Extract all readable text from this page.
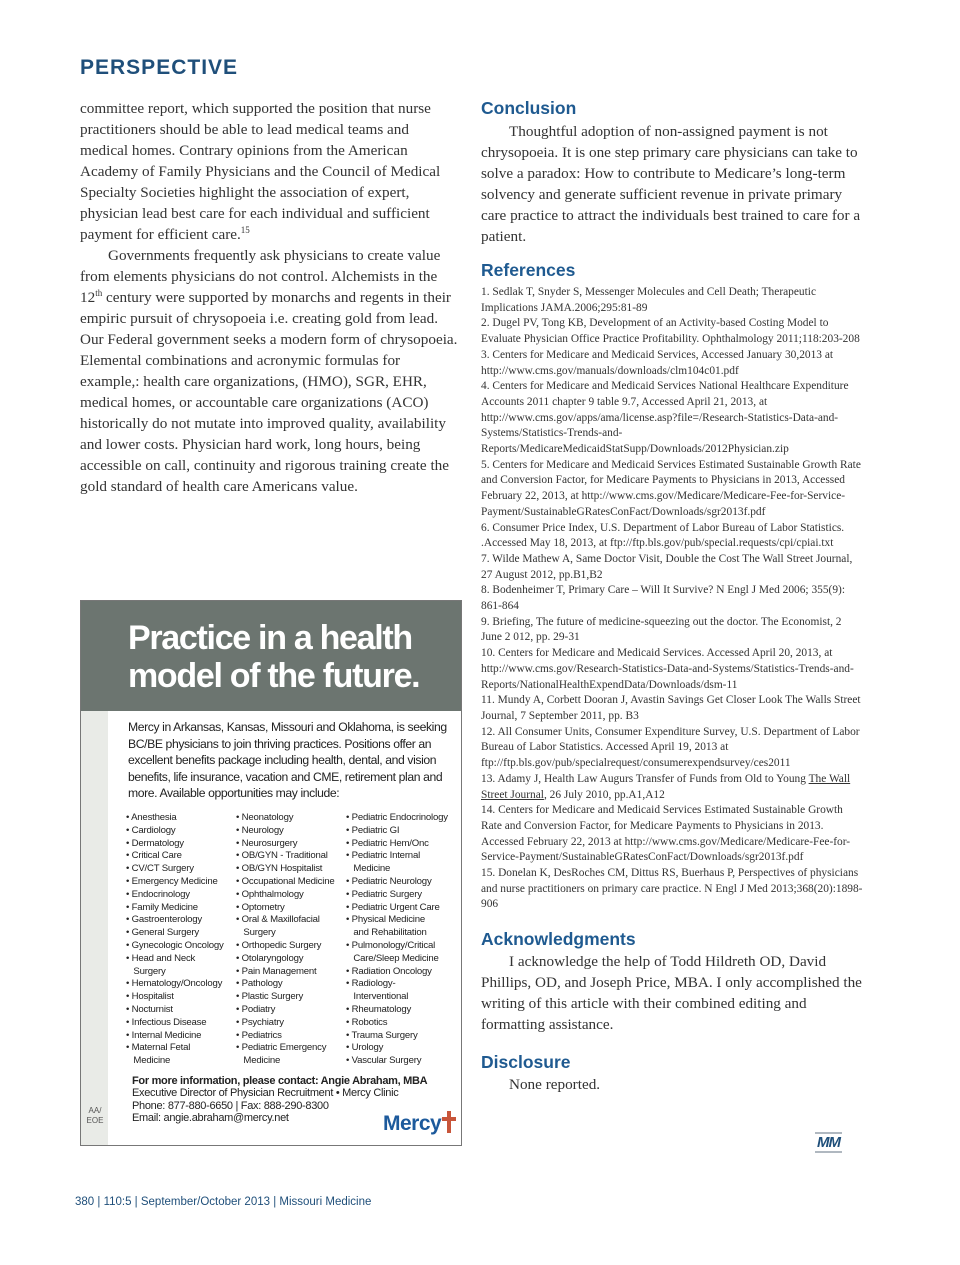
PERSPECTIVE

committee report, which supported the position that nurse practitioners should be able to lead medical teams and medical homes. Contrary opinions from the American Academy of Family Physicians and the Council of Medical Specialty Societies highlight the association of expert, physician lead best care for each individual and sufficient payment for efficient care.$^{15}$

Governments frequently ask physicians to create value from elements physicians do not control. Alchemists in the 12th century were supported by monarchs and regents in their empiric pursuit of chrysopoeia i.e. creating gold from lead. Our Federal government seeks a modern form of chrysopoeia. Elemental combinations and acronymic formulas for example,: health care organizations, (HMO), SGR, EHR, medical homes, or accountable care organizations (ACO) historically do not mutate into improved quality, availability and lower costs. Physician hard work, long hours, being accessible on call, continuity and rigorous training create the gold standard of health care Americans value.

Practice in a health model of the future.
Mercy in Arkansas, Kansas, Missouri and Oklahoma, is seeking BC/BE physicians to join thriving practices. Positions offer an excellent benefits package including health, dental, and vision benefits, life insurance, vacation and CME, retirement plan and more. Available opportunities may include:
• Anesthesia
• Cardiology
• Dermatology
• Critical Care
• CV/CT Surgery
• Emergency Medicine
• Endocrinology
• Family Medicine
• Gastroenterology
• General Surgery
• Gynecologic Oncology
• Head and Neck
Surgery
• Hematology/Oncology
• Hospitalist
• Nocturnist
• Infectious Disease
• Internal Medicine
• Maternal Fetal
Medicine
• Neonatology
• Neurology
• Neurosurgery
• OB/GYN - Traditional
• OB/GYN Hospitalist
• Occupational Medicine
• Ophthalmology
• Optometry
• Oral & Maxillofacial
Surgery
• Orthopedic Surgery
• Otolaryngology
• Pain Management
• Pathology
• Plastic Surgery
• Podiatry
• Psychiatry
• Pediatrics
• Pediatric Emergency
Medicine
• Pediatric Endocrinology
• Pediatric GI
• Pediatric Hem/Onc
• Pediatric Internal
Medicine
• Pediatric Neurology
• Pediatric Surgery
• Pediatric Urgent Care
• Physical Medicine
and Rehabilitation
• Pulmonology/Critical
Care/Sleep Medicine
• Radiation Oncology
• Radiology-
Interventional
• Rheumatology
• Robotics
• Trauma Surgery
• Urology
• Vascular Surgery
For more information, please contact: Angie Abraham, MBA
Executive Director of Physician Recruitment • Mercy Clinic
Phone: 877-880-6650 | Fax: 888-290-8300
Email: angie.abraham@mercy.net
AA/
EOE	Mercy
Conclusion

Thoughtful adoption of non-assigned payment is not chrysopoeia. It is one step primary care physicians can take to solve a paradox: How to contribute to Medicare’s long-term solvency and generate sufficient revenue in private primary care practice to attract the individuals best trained to care for a patient.

References
1. Sedlak T, Snyder S, Messenger Molecules and Cell Death; Therapeutic Implications JAMA.2006;295:81-89
2. Dugel PV, Tong KB, Development of an Activity-based Costing Model to Evaluate Physician Office Practice Profitability. Ophthalmology 2011;118:203-208
3. Centers for Medicare and Medicaid Services, Accessed January 30,2013 at http://www.cms.gov/manuals/downloads/clm104c01.pdf
4. Centers for Medicare and Medicaid Services National Healthcare Expenditure Accounts 2011 chapter 9 table 9.7, Accessed April 21, 2013, at http://www.cms.gov/apps/ama/license.asp?file=/Research-Statistics-Data-and-Systems/Statistics-Trends-and-Reports/MedicareMedicaidStatSupp/Downloads/2012Physician.zip
5. Centers for Medicare and Medicaid Services Estimated Sustainable Growth Rate and Conversion Factor, for Medicare Payments to Physicians in 2013, Accessed February 22, 2013, at http://www.cms.gov/Medicare/Medicare-Fee-for-Service-Payment/SustainableGRatesConFact/Downloads/sgr2013f.pdf
6. Consumer Price Index, U.S. Department of Labor Bureau of Labor Statistics. .Accessed May 18, 2013, at ftp://ftp.bls.gov/pub/special.requests/cpi/cpiai.txt
7. Wilde Mathew A, Same Doctor Visit, Double the Cost The Wall Street Journal, 27 August 2012, pp.B1,B2
8. Bodenheimer T, Primary Care – Will It Survive? N Engl J Med 2006; 355(9): 861-864
9. Briefing, The future of medicine-squeezing out the doctor. The Economist, 2 June 2 012, pp. 29-31
10. Centers for Medicare and Medicaid Services. Accessed April 20, 2013, at http://www.cms.gov/Research-Statistics-Data-and-Systems/Statistics-Trends-and-Reports/NationalHealthExpendData/Downloads/dsm-11
11. Mundy A, Corbett Dooran J, Avastin Savings Get Closer Look The Walls Street Journal, 7 September 2011, pp. B3
12. All Consumer Units, Consumer Expenditure Survey, U.S. Department of Labor Bureau of Labor Statistics. Accessed April 19, 2013 at ftp://ftp.bls.gov/pub/specialrequest/consumerexpendsurvey/ces2011
13. Adamy J, Health Law Augurs Transfer of Funds from Old to Young The Wall Street Journal, 26 July 2010, pp.A1,A12
14. Centers for Medicare and Medicaid Services Estimated Sustainable Growth Rate and Conversion Factor, for Medicare Payments to Physicians in 2013. Accessed February 22, 2013 at http://www.cms.gov/Medicare/Medicare-Fee-for-Service-Payment/SustainableGRatesConFact/Downloads/sgr2013f.pdf
15. Donelan K, DesRoches CM, Dittus RS, Buerhaus P, Perspectives of physicians and nurse practitioners on primary care practice. N Engl J Med 2013;368(20):1898-906
Acknowledgments

I acknowledge the help of Todd Hildreth OD, David Phillips, OD, and Joseph Price, MBA. I only accomplished the writing of this article with their combined editing and formatting assistance.

Disclosure

None reported.

MM
380 | 110:5 | September/October 2013 | Missouri Medicine
